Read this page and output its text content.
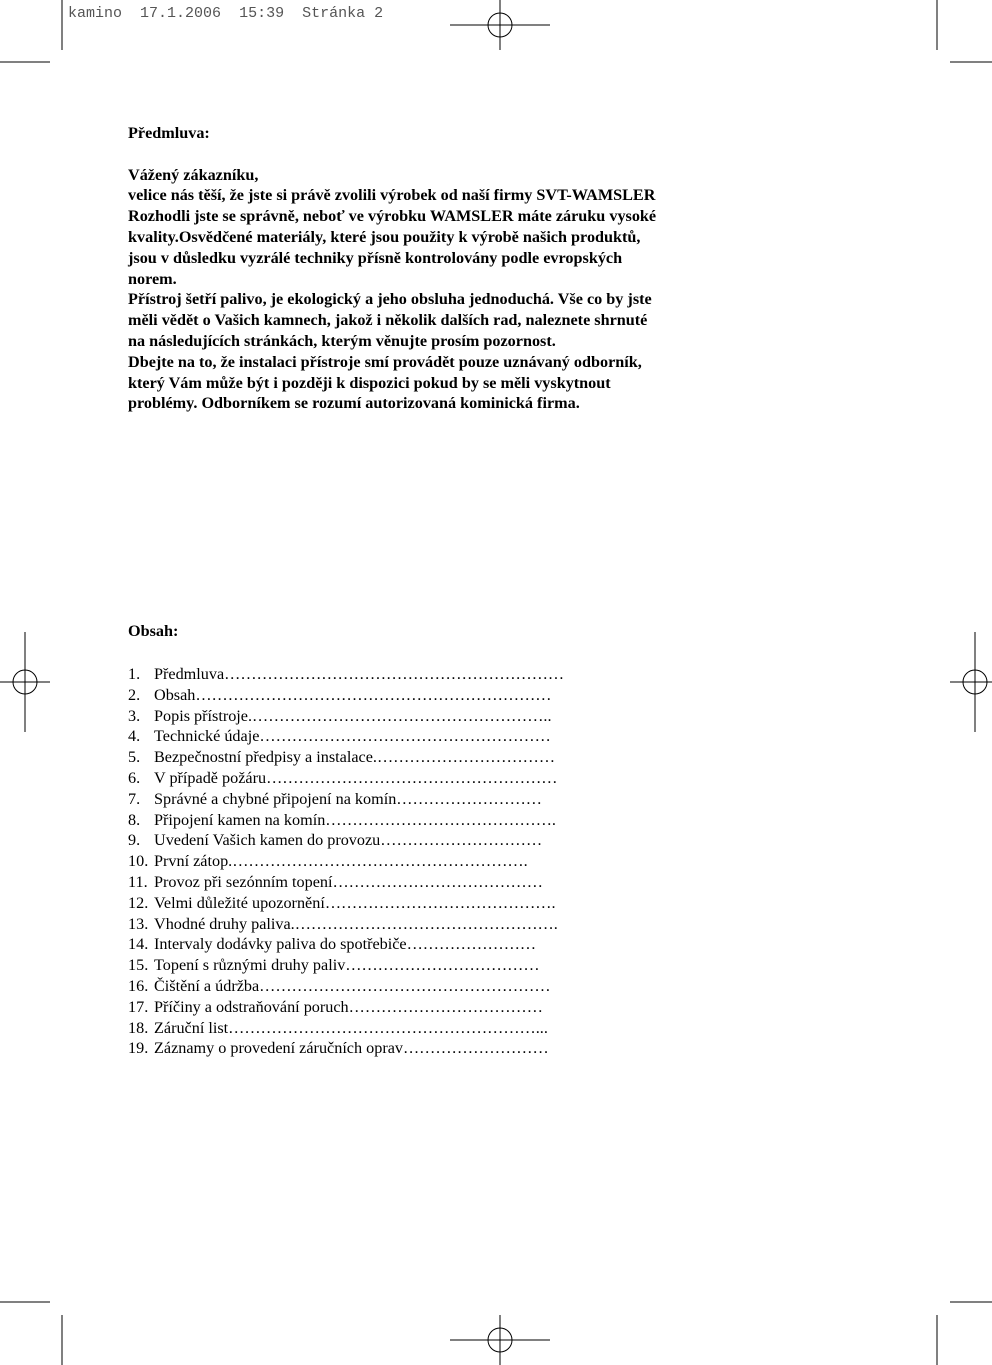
kamino 17.1.2006 15:39 Stránka 2

Předmluva:

Vážený zákazníku,

velice nás těší, že jste si právě zvolili výrobek od naší firmy SVT-WAMSLER

Rozhodli jste se správně, neboť ve výrobku WAMSLER máte záruku vysoké

kvality.Osvědčené materiály, které jsou použity k výrobě našich produktů,

jsou v důsledku vyzrálé techniky přísně kontrolovány podle evropských

norem.

Přístroj šetří palivo, je ekologický a jeho obsluha jednoduchá. Vše co by jste

měli vědět o Vašich kamnech, jakož i několik dalších rad, naleznete shrnuté

na následujících stránkách, kterým věnujte prosím pozornost.

Dbejte na to, že instalaci přístroje smí provádět pouze uznávaný odborník,

který Vám může být i později k dispozici pokud by se měli vyskytnout

problémy. Odborníkem se rozumí autorizovaná kominická firma.

Obsah:

1. Předmluva………………………………………………………
2. Obsah…………………………………………………………
3. Popis přístroje.………………………………………………..
4. Technické údaje………………………………………………
5. Bezpečnostní předpisy a instalace.……………………………
6. V případě požáru………………………………………………
7. Správné a chybné připojení na komín………………………
8. Připojení kamen na komín…………………………………….
9. Uvedení Vašich kamen do provozu…………………………
10. První zátop.……………………………………………….
11. Provoz při sezónním topení…………………………………
12. Velmi důležité upozornění…………………………………….
13. Vhodné druhy paliva.………………………………………….
14. Intervaly dodávky paliva do spotřebiče……………………
15. Topení s různými druhy paliv………………………………
16. Čištění a údržba………………………………………………
17. Příčiny a odstraňování poruch………………………………
18. Záruční list…………………………………………………...
19. Záznamy o provedení záručních oprav………………………
